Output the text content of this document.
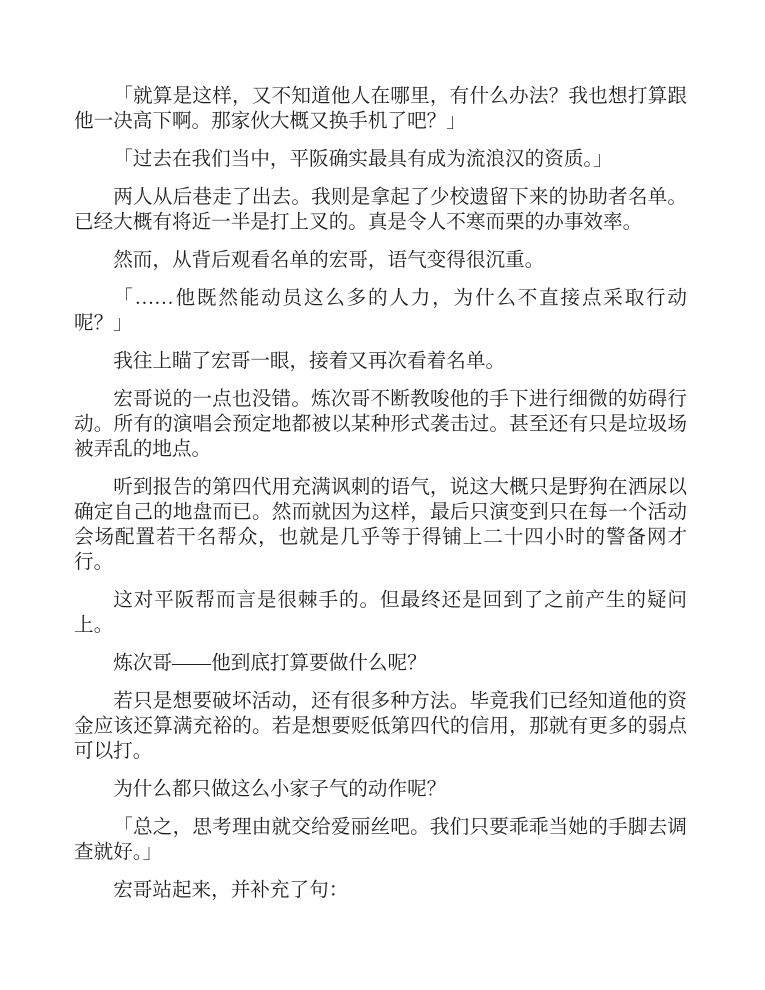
「就算是这样，又不知道他人在哪里，有什么办法？我也想打算跟他一决高下啊。那家伙大概又换手机了吧？」

「过去在我们当中，平阪确实最具有成为流浪汉的资质。」

两人从后巷走了出去。我则是拿起了少校遗留下来的协助者名单。已经大概有将近一半是打上叉的。真是令人不寒而栗的办事效率。

然而，从背后观看名单的宏哥，语气变得很沉重。

「……他既然能动员这么多的人力，为什么不直接点采取行动呢？」

我往上瞄了宏哥一眼，接着又再次看着名单。

宏哥说的一点也没错。炼次哥不断教唆他的手下进行细微的妨碍行动。所有的演唱会预定地都被以某种形式袭击过。甚至还有只是垃圾场被弄乱的地点。

听到报告的第四代用充满讽刺的语气，说这大概只是野狗在洒尿以确定自己的地盘而已。然而就因为这样，最后只演变到只在每一个活动会场配置若干名帮众，也就是几乎等于得铺上二十四小时的警备网才行。

这对平阪帮而言是很棘手的。但最终还是回到了之前产生的疑问上。

炼次哥——他到底打算要做什么呢？

若只是想要破坏活动，还有很多种方法。毕竟我们已经知道他的资金应该还算满充裕的。若是想要贬低第四代的信用，那就有更多的弱点可以打。

为什么都只做这么小家子气的动作呢？

「总之，思考理由就交给爱丽丝吧。我们只要乖乖当她的手脚去调查就好。」

宏哥站起来，并补充了句：
